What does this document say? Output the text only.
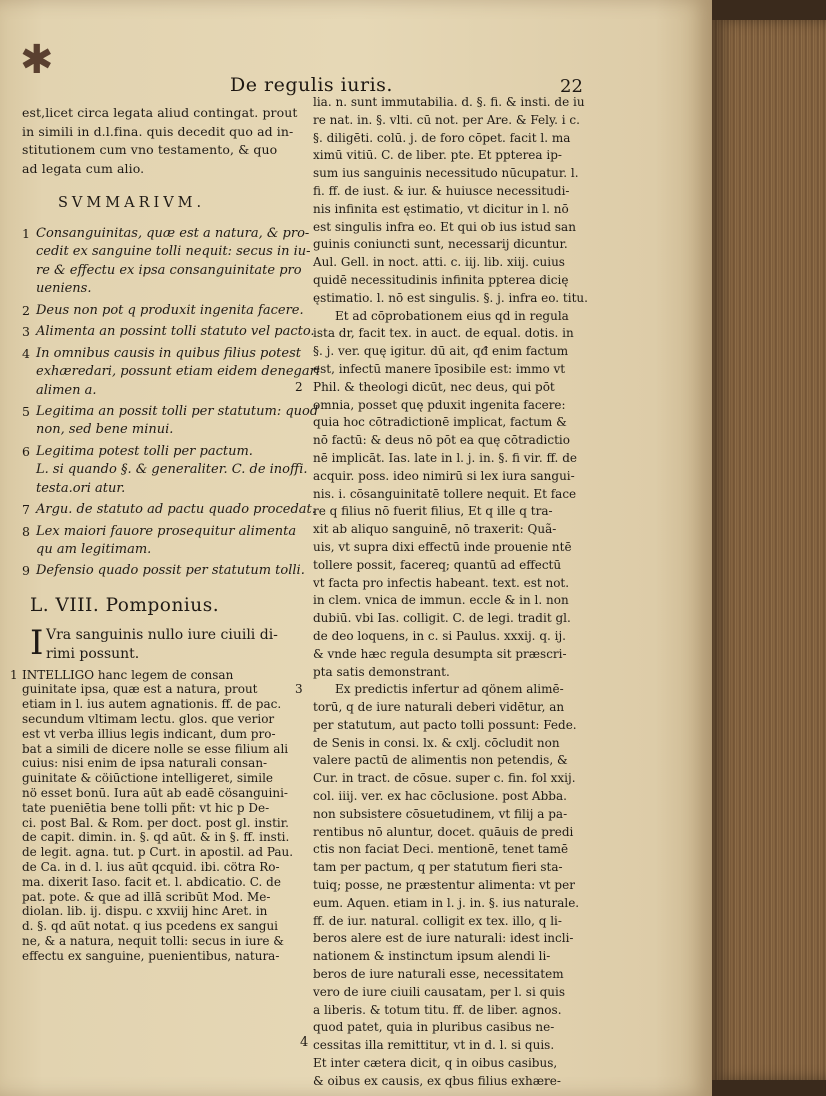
✱
De regulis iuris.	22

est,licet circa legata aliud contingat. prout

in simili in d.l.fina. quis decedit quo ad in-

stitutionem cum vno testamento, & quo

ad legata cum alio.

SVMMARIVM.
1 Consanguinitas, quæ est a natura, & pro-

cedit ex sanguine tolli nequit: secus in iu-

re & effectu ex ipsa consanguinitate pro

ueniens.

2 Deus non pot q produxit ingenita facere.

3 Alimenta an possint tolli statuto vel pacto.

4 In omnibus causis in quibus filius potest

exhæredari, possunt etiam eidem denegari

alimen a.

5 Legitima an possit tolli per statutum: quod

non, sed bene minui.

6 Legitima potest tolli per pactum.

L. si quando §. & generaliter. C. de inoffi.

testa.ori atur.

7 Argu. de statuto ad pactu quado procedat.

8 Lex maiori fauore prosequitur alimenta

qu am legitimam.

9 Defensio quado possit per statutum tolli.

L. VIII. Pomponius.
I Vra sanguinis nullo iure ciuili di-

rimi possunt.

1 INTELLIGO hanc legem de consan

guinitate ipsa, quæ est a natura, prout

etiam in l. ius autem agnationis. ff. de pac.

secundum vltimam lectu. glos. que verior

est vt verba illius legis indicant, dum pro-

bat a simili de dicere nolle se esse filium ali

cuius: nisi enim de ipsa naturali consan-

guinitate & cöiūctione intelligeret, simile

nö esset bonū. Iura aūt ab eadē cösanguini-

tate pueniētia bene tolli pñt: vt hic p De-

ci. post Bal. & Rom. per doct. post gl. instir.

de capit. dimin. in. §. qd aūt. & in §. ff. insti.

de legit. agna. tut. p Curt. in apostil. ad Pau.

de Ca. in d. l. ius aūt qcquid. ibi. cötra Ro-

ma. dixerit Iaso. facit et. l. abdicatio. C. de

pat. pote. & que ad illā scribūt Mod. Me-

diolan. lib. ij. dispu. c xxviij hinc Aret. in

d. §. qd aūt notat. q ius pcedens ex sangui

ne, & a natura, nequit tolli: secus in iure &

effectu ex sanguine, puenientibus, natura-

4

lia. n. sunt immutabilia. d. §. fi. & insti. de iu

re nat. in. §. vlti. cū not. per Are. & Fely. i c.

§. diligēti. colū. j. de foro cōpet. facit l. ma

ximū vitiū. C. de liber. pte. Et ppterea ip-

sum ius sanguinis necessitudo nūcupatur. l.

fi. ff. de iust. & iur. & huiusce necessitudi-

nis infinita est ęstimatio, vt dicitur in l. nō

est singulis infra eo. Et qui ob ius istud san

guinis coniuncti sunt, necessarij dicuntur.

Aul. Gell. in noct. atti. c. iij. lib. xiij. cuius

quidē necessitudinis infinita ppterea dicię

ęstimatio. l. nō est singulis. §. j. infra eo. titu.

Et ad cōprobationem eius qd in regula

ista dr, facit tex. in auct. de equal. dotis. in

§. j. ver. quę igitur. dū ait, qđ enim factum

est, infectū manere īposibile est: immo vt

2 Phil. & theologi dicūt, nec deus, qui pōt

omnia, posset quę pduxit ingenita facere:

quia hoc cōtradictionē implicat, factum &

nō factū: & deus nō pōt ea quę cōtradictio

nē implicāt. Ias. late in l. j. in. §. fi vir. ff. de

acquir. poss. ideo nimirū si lex iura sangui-

nis. i. cōsanguinitatē tollere nequit. Et face

re q filius nō fuerit filius, Et q ille q tra-

xit ab aliquo sanguinē, nō traxerit: Quã-

uis, vt supra dixi effectū inde prouenie ntē

tollere possit, facereq; quantū ad effectū

vt facta pro infectis habeant. text. est not.

in clem. vnica de immun. eccle & in l. non

dubiū. vbi Ias. colligit. C. de legi. tradit gl.

de deo loquens, in c. si Paulus. xxxij. q. ij.

& vnde hæc regula desumpta sit præscri-

pta satis demonstrant.

3	Ex predictis infertur ad qönem alimē-

torū, q de iure naturali deberi vidētur, an

per statutum, aut pacto tolli possunt: Fede.

de Senis in consi. lx. & cxlj. cōcludit non

valere pactū de alimentis non petendis, &

Cur. in tract. de cōsue. super c. fin. fol xxij.

col. iiij. ver. ex hac cōclusione. post Abba.

non subsistere cōsuetudinem, vt filij a pa-

rentibus nō aluntur, docet. quāuis de predi

ctis non faciat Deci. mentionē, tenet tamē

tam per pactum, q per statutum fieri sta-

tuiq; posse, ne præstentur alimenta: vt per

eum. Aquen. etiam in l. j. in. §. ius naturale.

ff. de iur. natural. colligit ex tex. illo, q li-

beros alere est de iure naturali: idest incli-

nationem & instinctum ipsum alendi li-

beros de iure naturali esse, necessitatem

vero de iure ciuili causatam, per l. si quis

a liberis. & totum titu. ff. de liber. agnos.

quod patet, quia in pluribus casibus ne-

cessitas illa remittitur, vt in d. l. si quis.

Et inter cætera dicit, q in oibus casibus,

& oibus ex causis, ex qbus filius exhære-
